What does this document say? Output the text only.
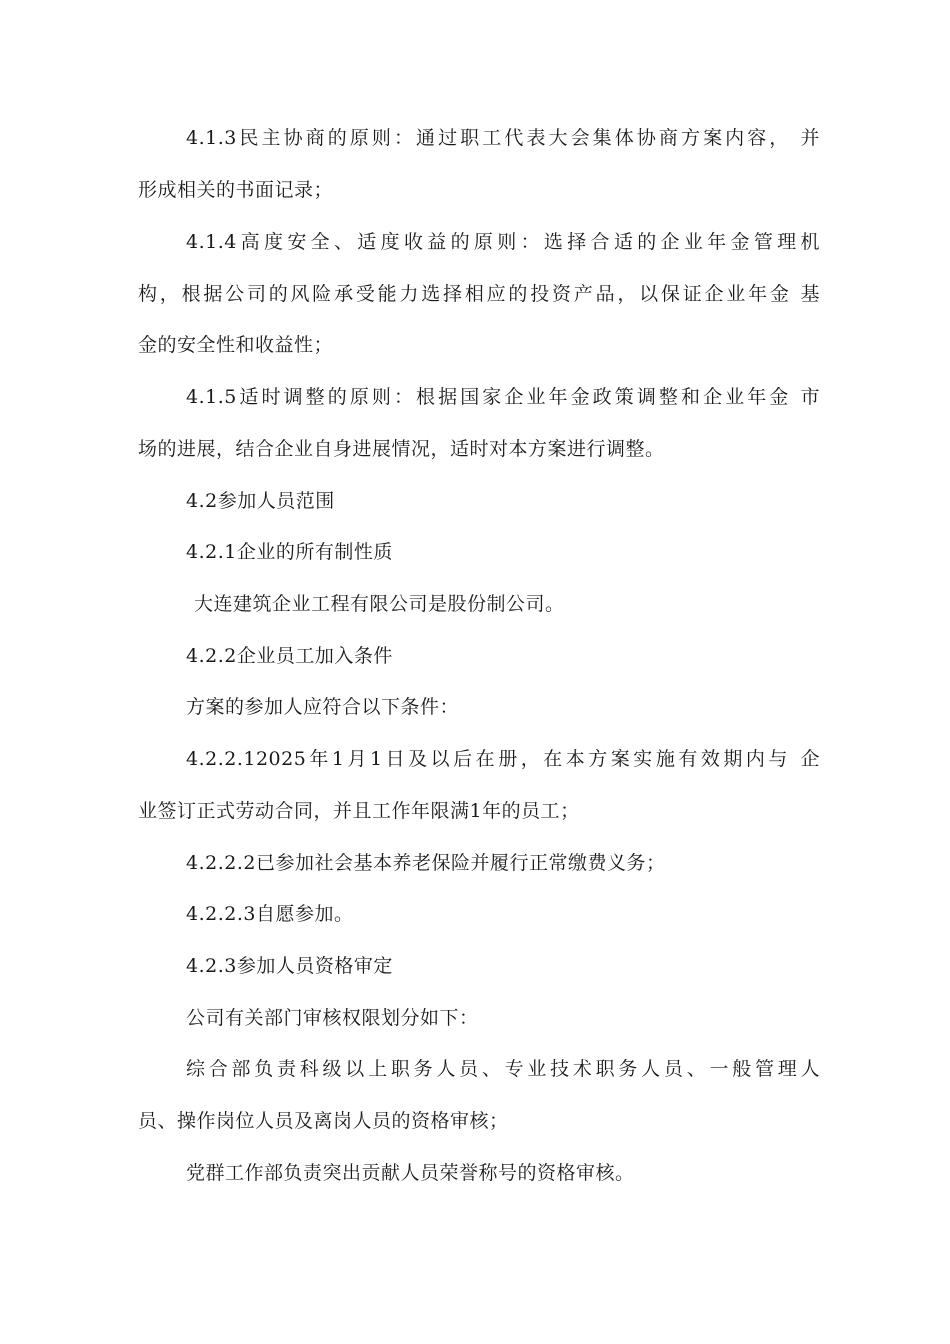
4.1.3民主协商的原则：通过职工代表大会集体协商方案内容， 并
形成相关的书面记录；
4.1.4高度安全、适度收益的原则：选择合适的企业年金管理机
构，根据公司的风险承受能力选择相应的投资产品，以保证企业年金 基
金的安全性和收益性；
4.1.5适时调整的原则：根据国家企业年金政策调整和企业年金 市
场的进展，结合企业自身进展情况，适时对本方案进行调整。
4.2参加人员范围
4.2.1企业的所有制性质
大连建筑企业工程有限公司是股份制公司。
4.2.2企业员工加入条件
方案的参加人应符合以下条件：
4.2.2.12025年1月1日及以后在册，在本方案实施有效期内与 企
业签订正式劳动合同，并且工作年限满1年的员工；
4.2.2.2已参加社会基本养老保险并履行正常缴费义务；
4.2.2.3自愿参加。
4.2.3参加人员资格审定
公司有关部门审核权限划分如下：
综合部负责科级以上职务人员、专业技术职务人员、一般管理人
员、操作岗位人员及离岗人员的资格审核；
党群工作部负责突出贡献人员荣誉称号的资格审核。
